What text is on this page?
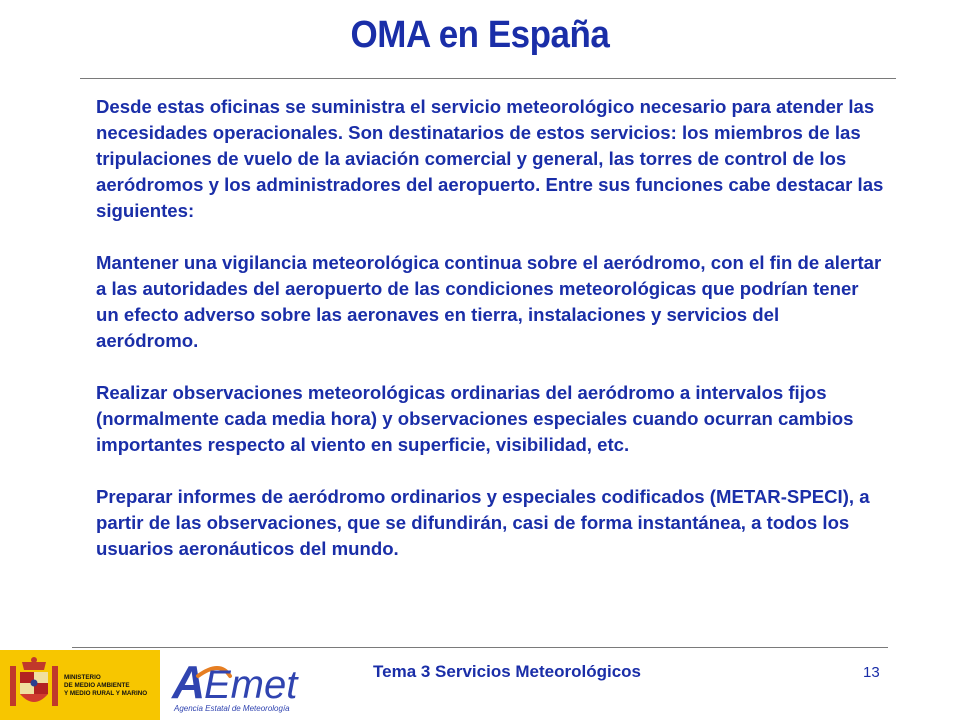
OMA en España

Desde estas oficinas se suministra el servicio meteorológico necesario para atender las necesidades operacionales. Son destinatarios de estos servicios: los miembros de las tripulaciones de vuelo de la aviación comercial y general, las torres de control de los aeródromos y los administradores del aeropuerto. Entre sus funciones cabe destacar las siguientes:

Mantener una vigilancia meteorológica continua sobre el aeródromo, con el fin de alertar a las autoridades del aeropuerto de las condiciones meteorológicas que podrían tener un efecto adverso sobre las aeronaves en tierra, instalaciones y servicios del aeródromo.

Realizar observaciones meteorológicas ordinarias del aeródromo a intervalos fijos (normalmente cada media hora) y observaciones especiales cuando ocurran cambios importantes respecto al viento en superficie, visibilidad, etc.

Preparar informes de aeródromo ordinarios y especiales codificados (METAR-SPECI), a partir de las observaciones, que se difundirán, casi de forma instantánea, a todos los usuarios aeronáuticos del mundo.

MINISTERIO
DE MEDIO AMBIENTE
Y MEDIO RURAL Y MARINO A
Emet
Agencia Estatal de Meteorología
Tema 3 Servicios Meteorológicos	13
